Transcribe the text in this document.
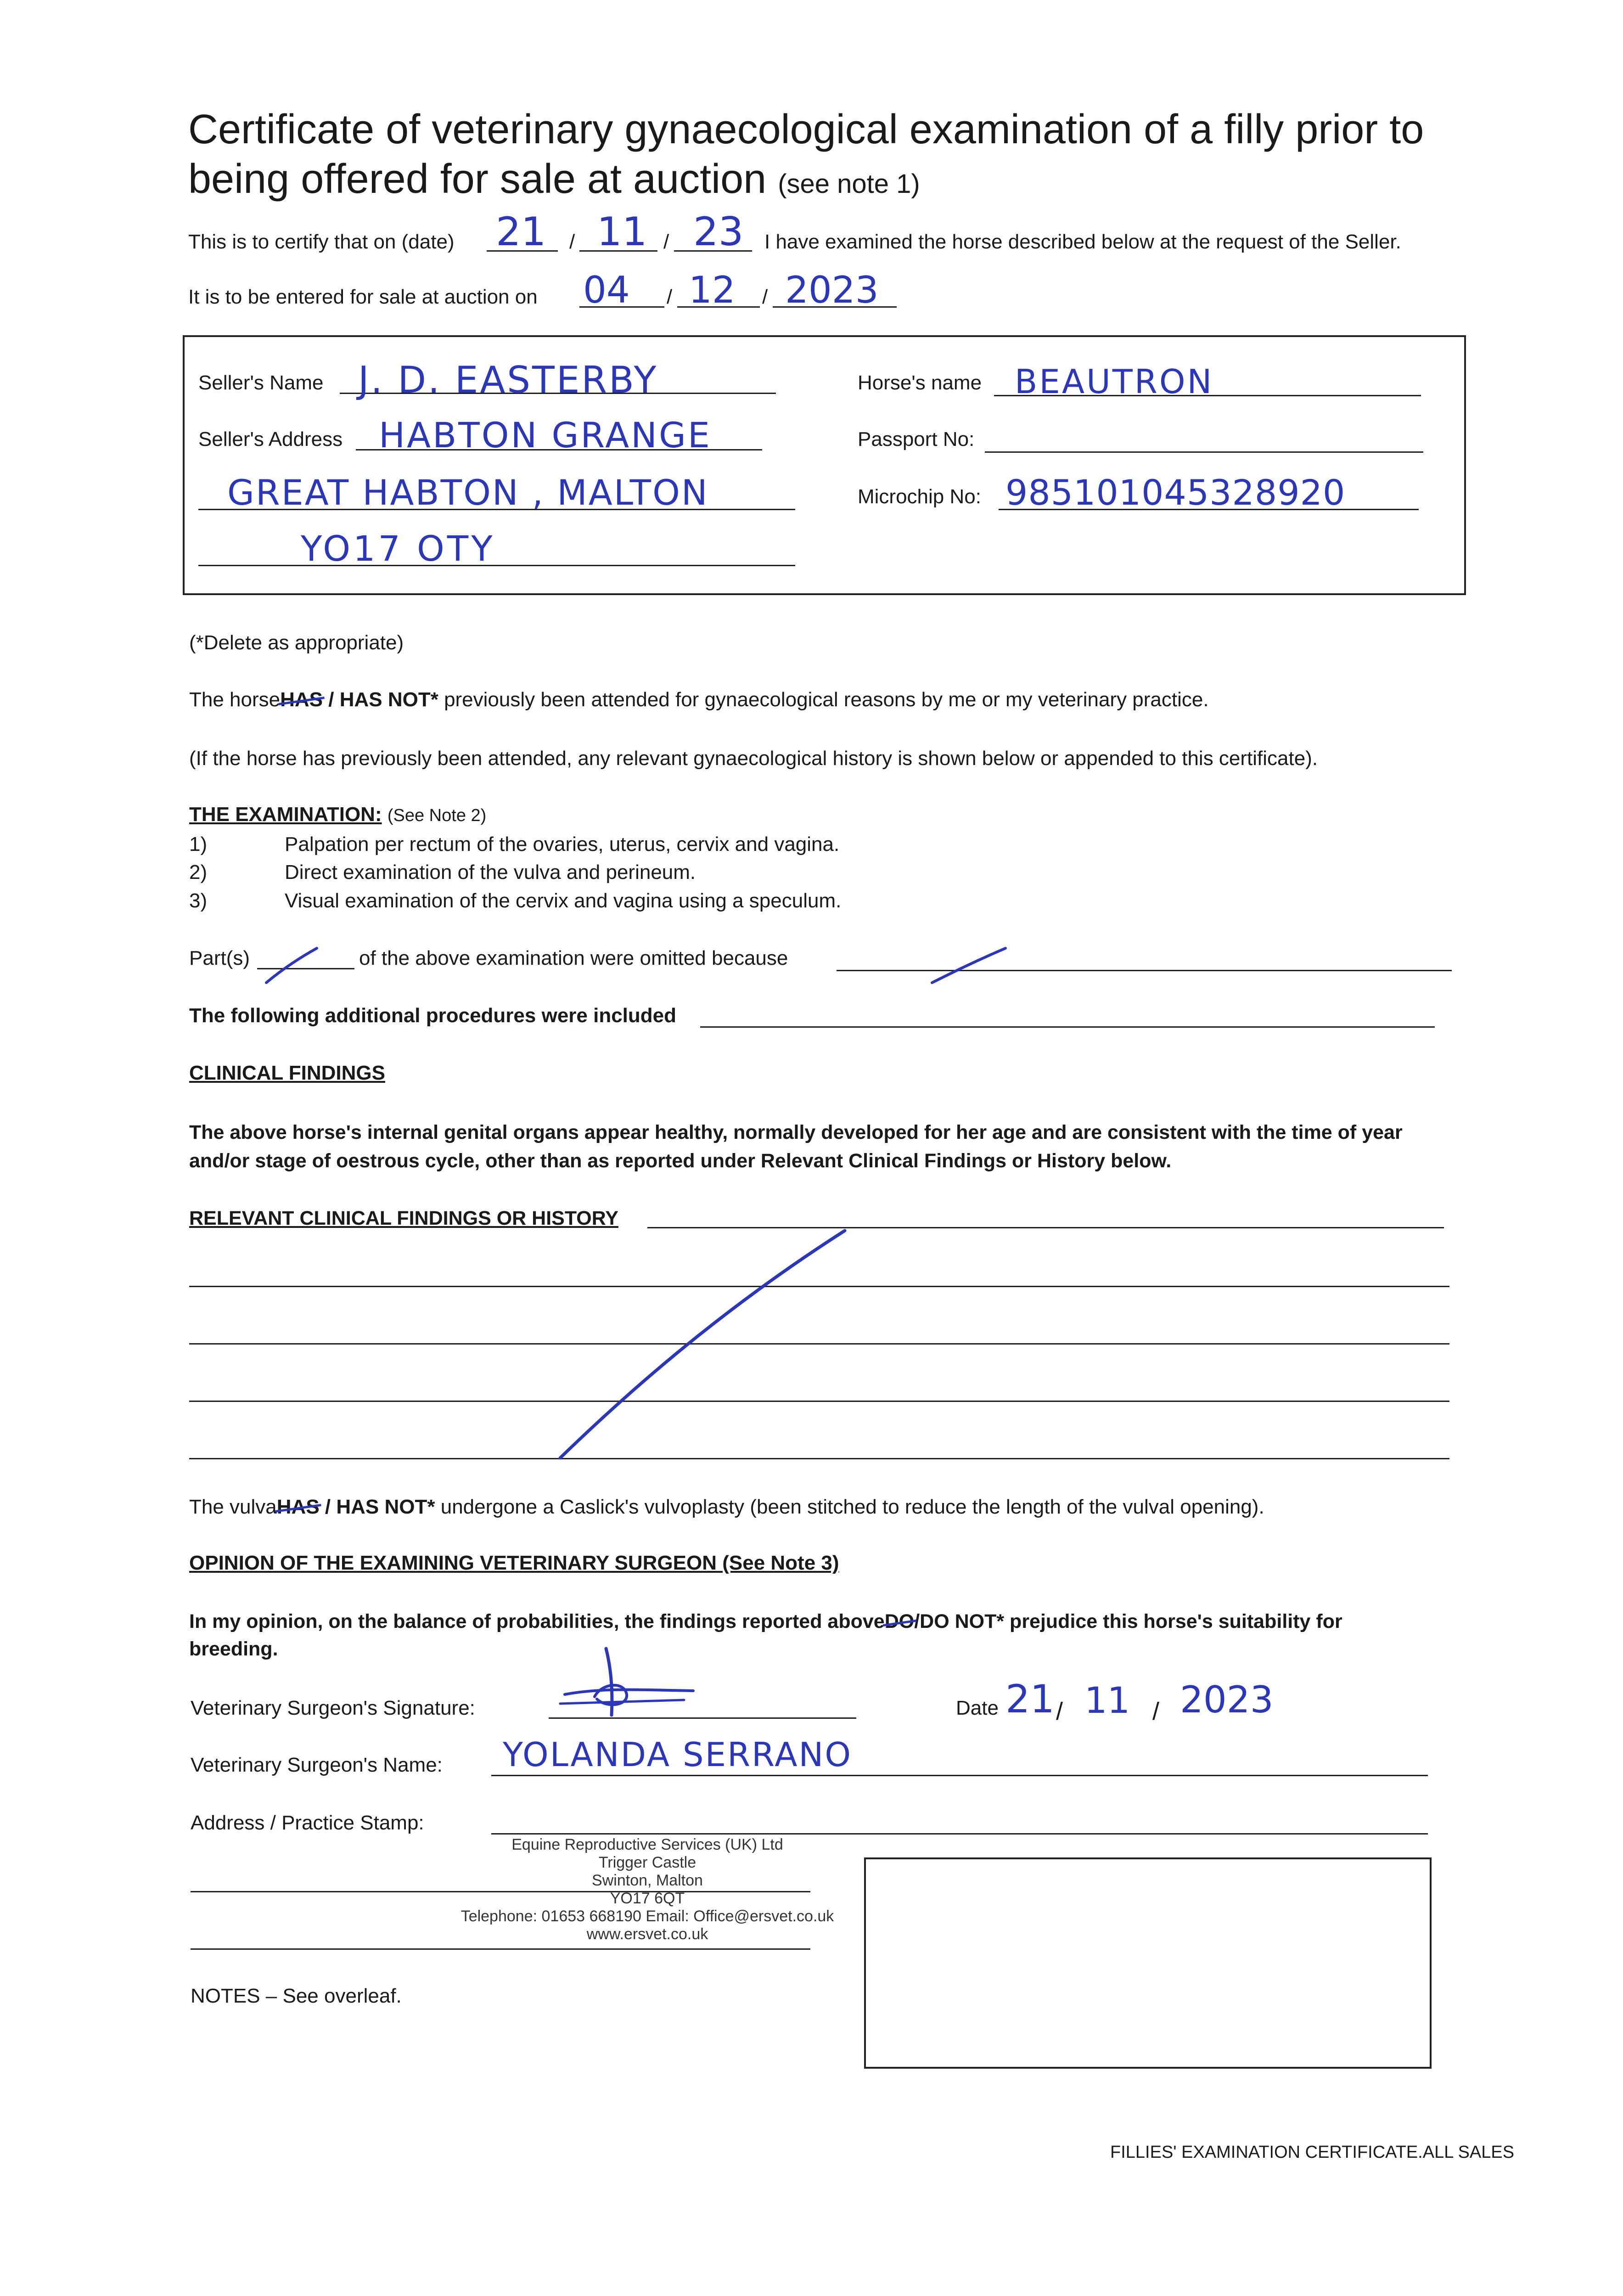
Certificate of veterinary gynaecological examination of a filly prior to
being offered for sale at auction (see note 1)
This is to certify that on (date) 21 / 11 / 23 I have examined the horse described below at the request of the Seller.
It is to be entered for sale at auction on 04 / 12 / 2023
Seller's Name J. D. EASTERBY
Seller's Address HABTON GRANGE
GREAT HABTON , MALTON
YO17 OTY
Horse's name BEAUTRON
Passport No:
Microchip No: 985101045328920
(*Delete as appropriate)
The horseHAS / HAS NOT* previously been attended for gynaecological reasons by me or my veterinary practice.
(If the horse has previously been attended, any relevant gynaecological history is shown below or appended to this certificate).
THE EXAMINATION: (See Note 2)
1)	Palpation per rectum of the ovaries, uterus, cervix and vagina.
2)	Direct examination of the vulva and perineum.
3)	Visual examination of the cervix and vagina using a speculum.
Part(s)	of the above examination were omitted because
The following additional procedures were included
CLINICAL FINDINGS
The above horse's internal genital organs appear healthy, normally developed for her age and are consistent with the time of year
and/or stage of oestrous cycle, other than as reported under Relevant Clinical Findings or History below.
RELEVANT CLINICAL FINDINGS OR HISTORY
The vulvaHAS / HAS NOT* undergone a Caslick's vulvoplasty (been stitched to reduce the length of the vulval opening).
OPINION OF THE EXAMINING VETERINARY SURGEON (See Note 3)
In my opinion, on the balance of probabilities, the findings reported aboveDO/DO NOT* prejudice this horse's suitability for
breeding.
Veterinary Surgeon's Signature:	Date 21 / 11 / 2023
Veterinary Surgeon's Name: YOLANDA SERRANO
Address / Practice Stamp:
Equine Reproductive Services (UK) Ltd
Trigger Castle
Swinton, Malton
YO17 6QT
Telephone: 01653 668190 Email: Office@ersvet.co.uk
www.ersvet.co.uk
NOTES – See overleaf.
FILLIES' EXAMINATION CERTIFICATE.ALL SALES
